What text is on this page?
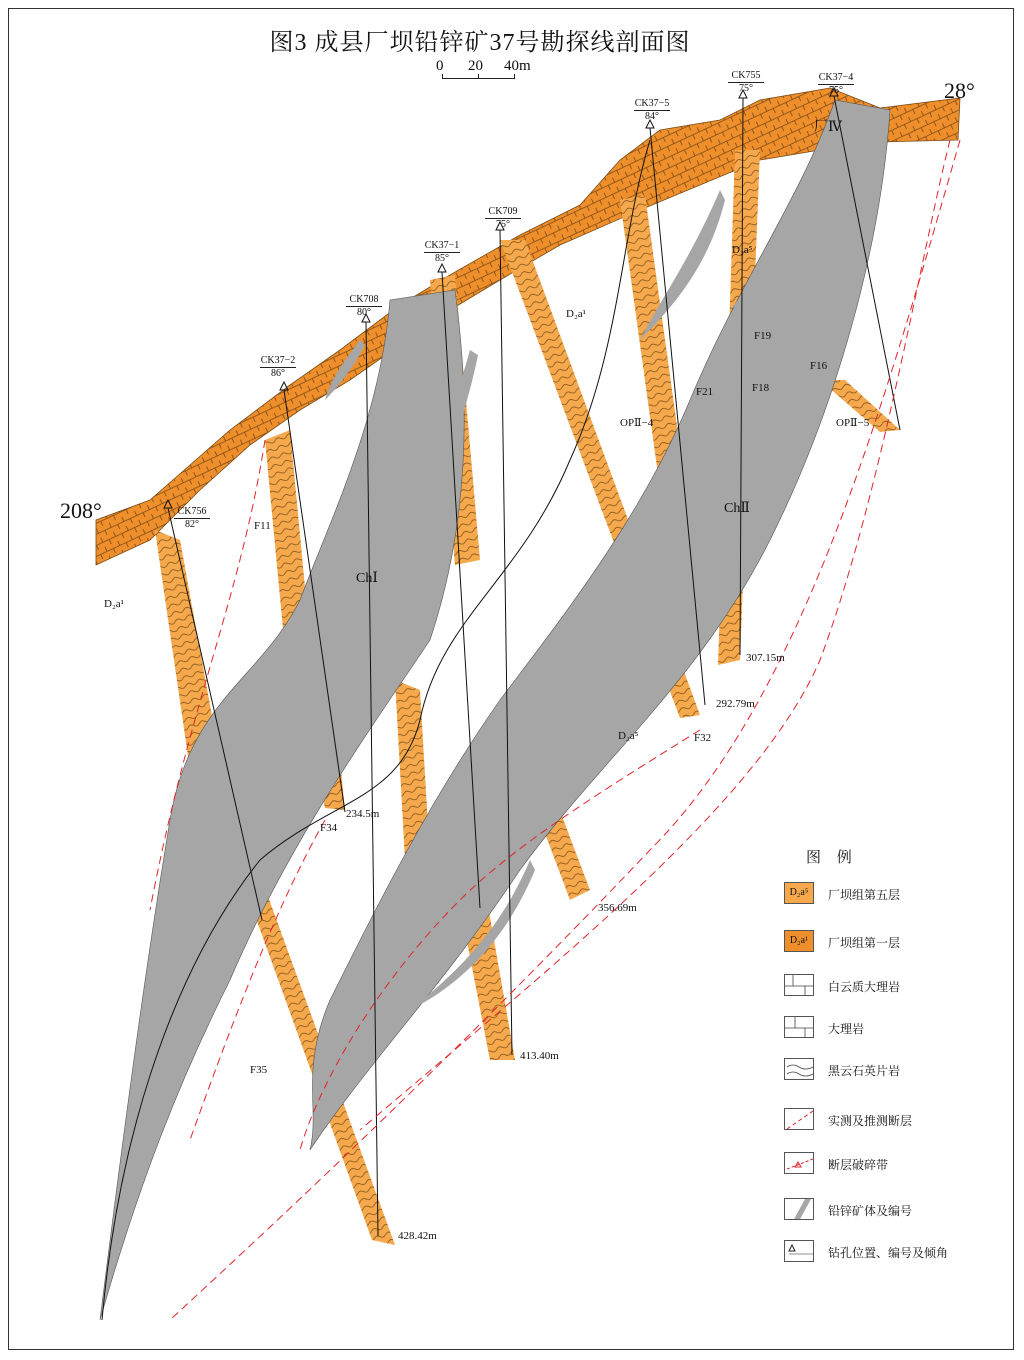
图3 成县厂坝铅锌矿37号勘探线剖面图
0 20 40m
208°
28°
CK756
82°
CK37−2
86°
CK708
80°
CK37−1
85°
CK709
75°
CK37−5
84°
CK755
75°
CK37−4
75°
234.5m
428.42m
356.69m
413.40m
292.79m
307.15m
F11
F34
F35
F32
F21
F19
F18
F16
D₂a¹
D₂a¹
D₂a⁵
D₂a⁵
ChⅠ
ChⅡ
厂Ⅳ
OPⅡ−4	OPⅡ−5
图 例
D₂a⁵	厂坝组第五层
D₂a¹	厂坝组第一层
白云质大理岩
大理岩
黑云石英片岩
实测及推测断层
断层破碎带
铅锌矿体及编号
钻孔位置、编号及倾角
